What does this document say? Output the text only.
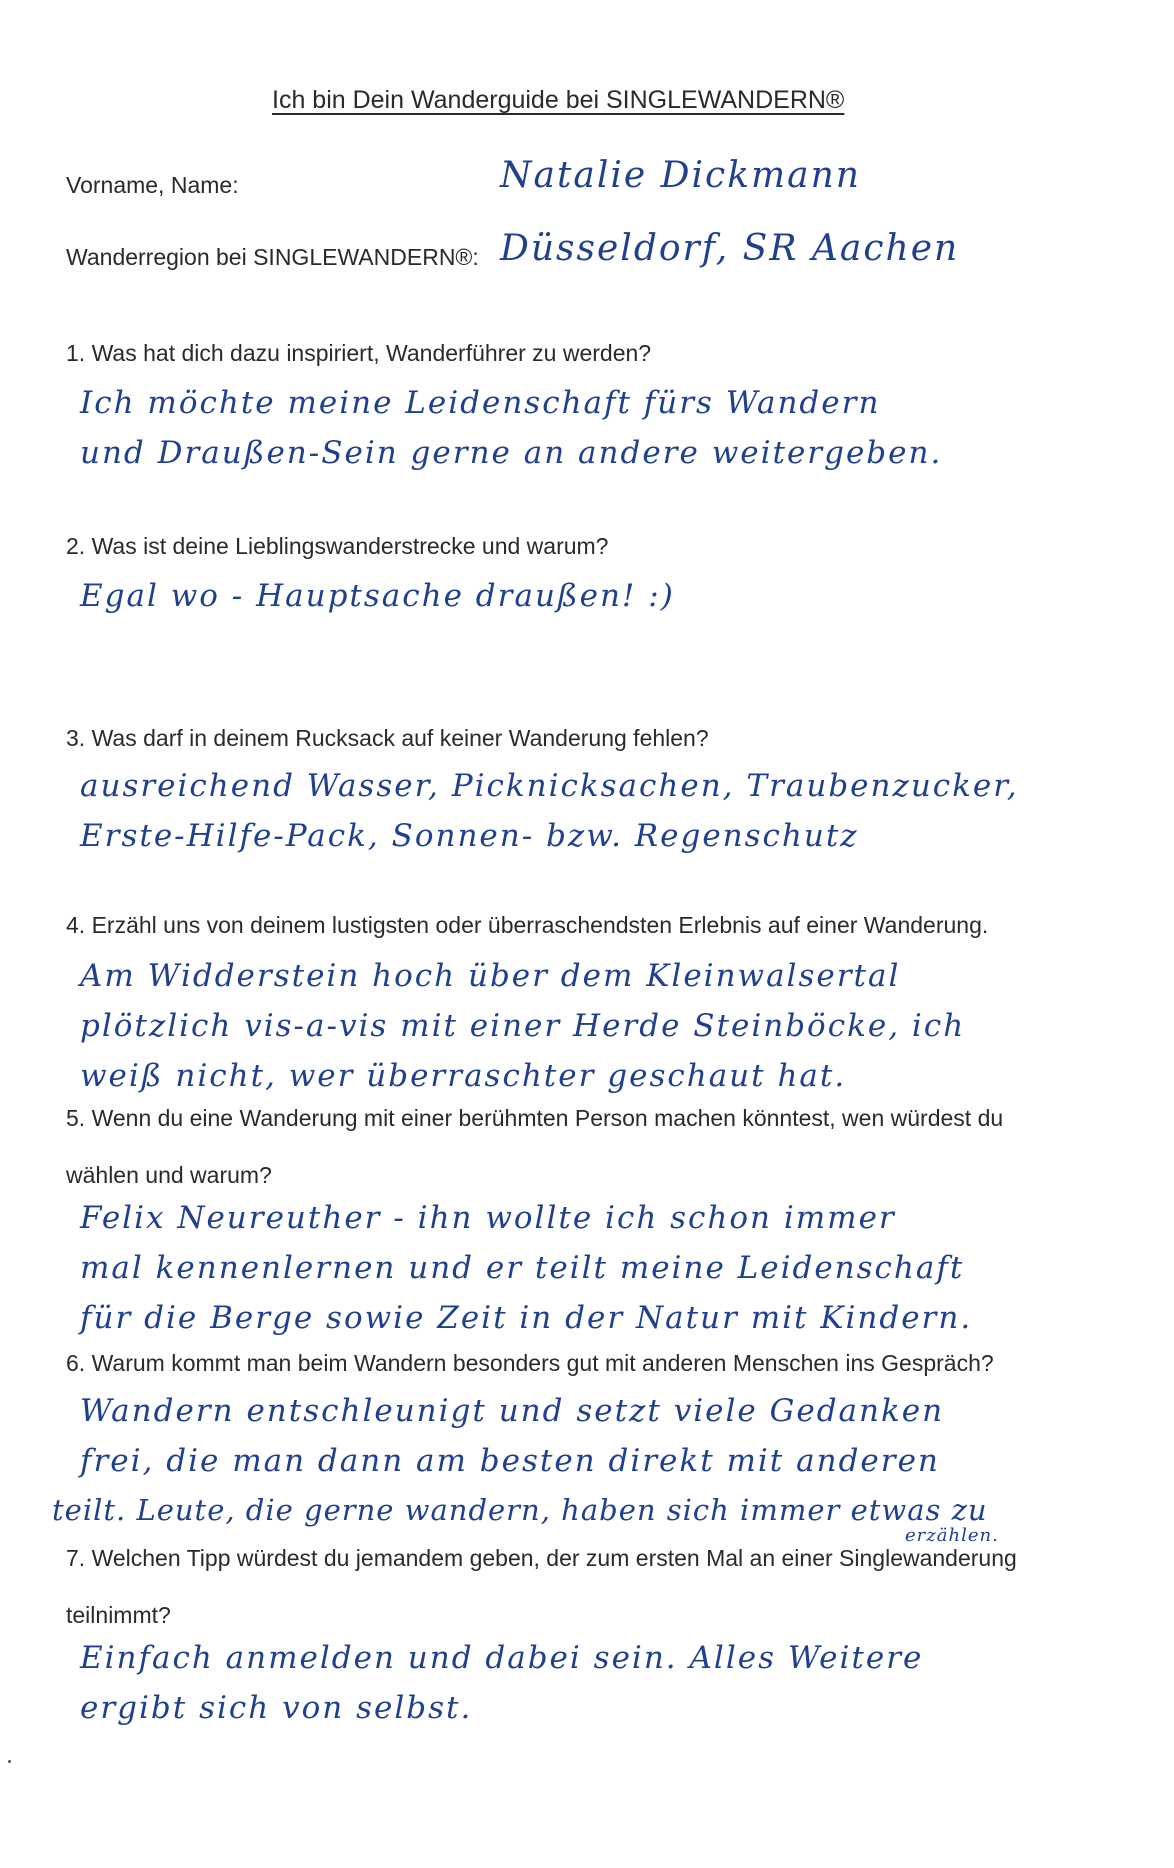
Ich bin Dein Wanderguide bei SINGLEWANDERN®
Vorname, Name:	Natalie Dickmann
Wanderregion bei SINGLEWANDERN®: Düsseldorf, SR Aachen
1. Was hat dich dazu inspiriert, Wanderführer zu werden?
Ich möchte meine Leidenschaft fürs Wandern
und Draußen-Sein gerne an andere weitergeben.
2. Was ist deine Lieblingswanderstrecke und warum?
Egal wo - Hauptsache draußen! :)
3. Was darf in deinem Rucksack auf keiner Wanderung fehlen?
ausreichend Wasser, Picknicksachen, Traubenzucker,
Erste-Hilfe-Pack, Sonnen- bzw. Regenschutz
4. Erzähl uns von deinem lustigsten oder überraschendsten Erlebnis auf einer Wanderung.
Am Widderstein hoch über dem Kleinwalsertal
plötzlich vis-a-vis mit einer Herde Steinböcke, ich
weiß nicht, wer überraschter geschaut hat.
5. Wenn du eine Wanderung mit einer berühmten Person machen könntest, wen würdest du
wählen und warum?
Felix Neureuther - ihn wollte ich schon immer
mal kennenlernen und er teilt meine Leidenschaft
für die Berge sowie Zeit in der Natur mit Kindern.
6. Warum kommt man beim Wandern besonders gut mit anderen Menschen ins Gespräch?
Wandern entschleunigt und setzt viele Gedanken
frei, die man dann am besten direkt mit anderen
teilt. Leute, die gerne wandern, haben sich immer etwas zu
erzählen.
7. Welchen Tipp würdest du jemandem geben, der zum ersten Mal an einer Singlewanderung
teilnimmt?
Einfach anmelden und dabei sein. Alles Weitere
ergibt sich von selbst.
